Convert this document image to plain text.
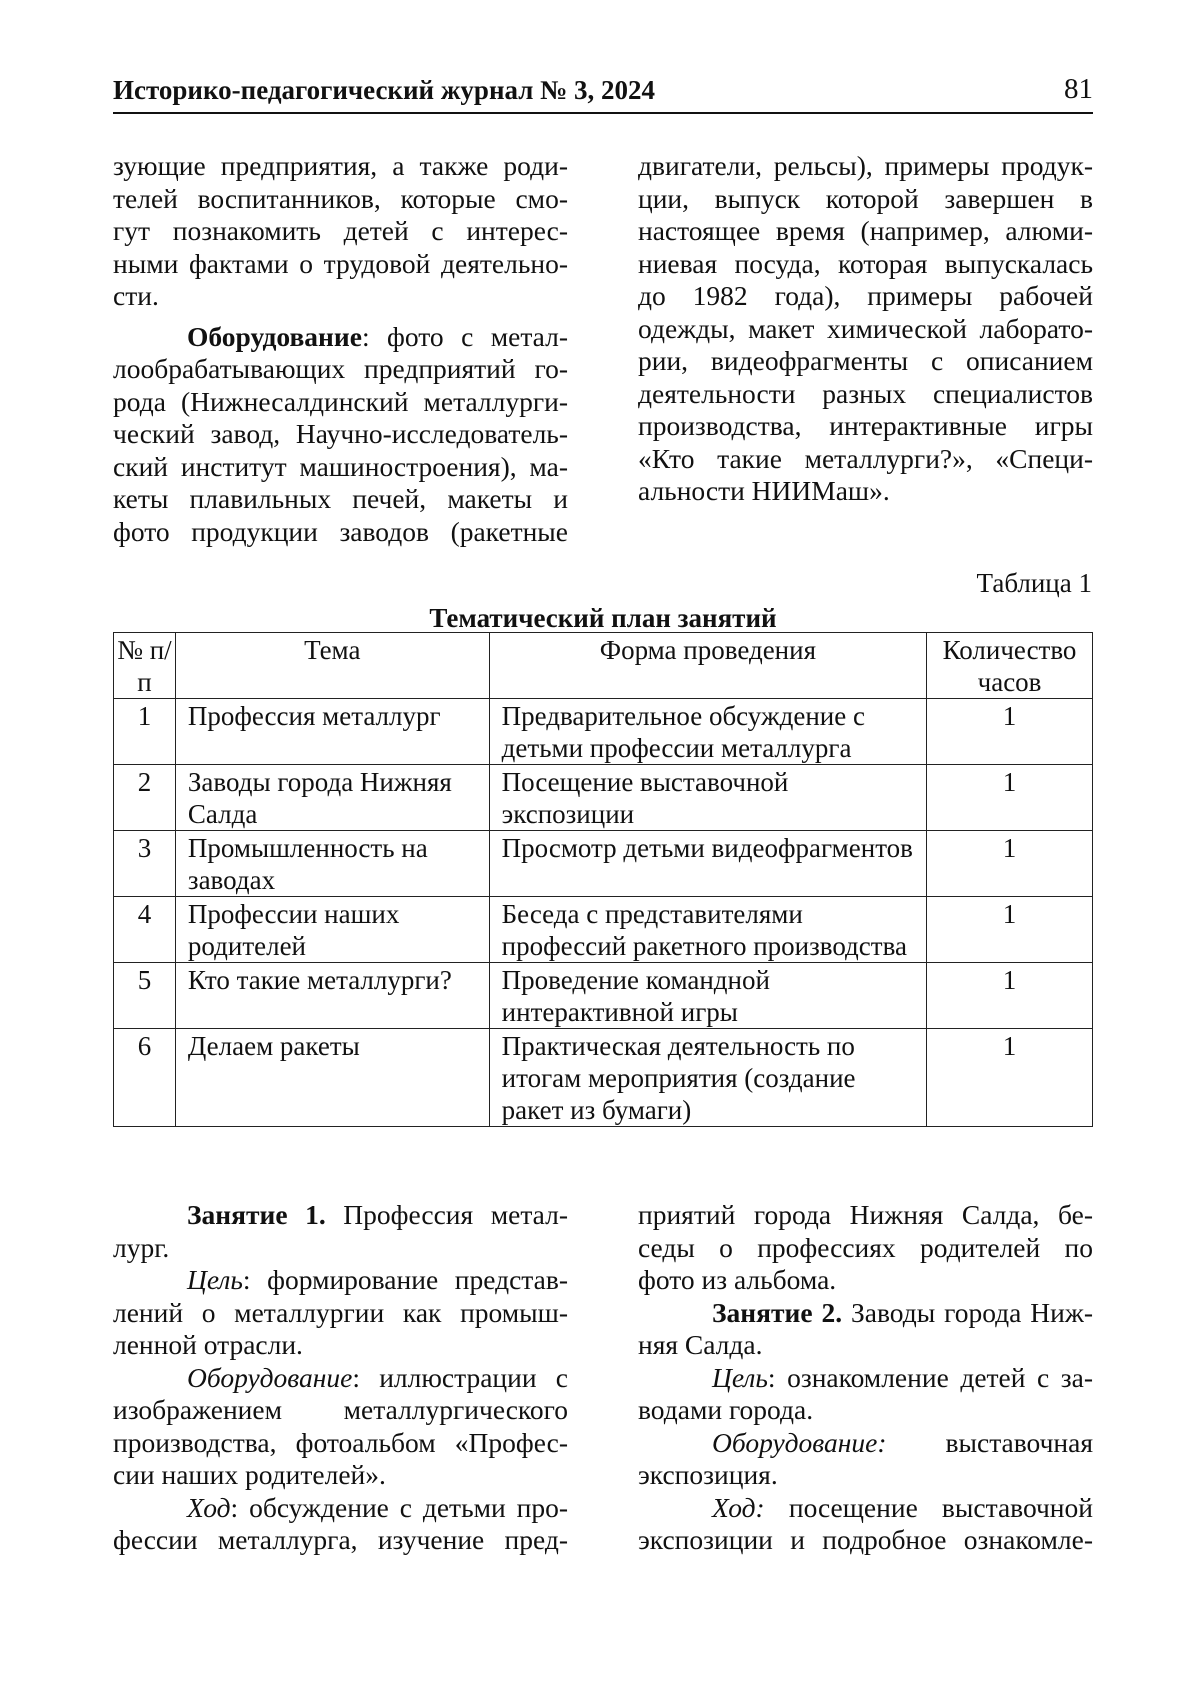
Историко-педагогический журнал № 3, 2024	81

зующие предприятия, а также роди-

телей воспитанников, которые смо-

гут познакомить детей с интерес-

ными фактами о трудовой деятельно-

сти.

Оборудование: фото с метал-

лообрабатывающих предприятий го-

рода (Нижнесалдинский металлурги-

ческий завод, Научно-исследователь-

ский институт машиностроения), ма-

кеты плавильных печей, макеты и

фото продукции заводов (ракетные

двигатели, рельсы), примеры продук-

ции, выпуск которой завершен в

настоящее время (например, алюми-

ниевая посуда, которая выпускалась

до 1982 года), примеры рабочей

одежды, макет химической лаборато-

рии, видеофрагменты с описанием

деятельности разных специалистов

производства, интерактивные игры

«Кто такие металлурги?», «Специ-

альности НИИМаш».

Таблица 1
Тематический план занятий
№ п/п	Тема	Форма проведения	Количество часов
1	Профессия металлург	Предварительное обсуждение с детьми профессии металлурга	1
2	Заводы города Нижняя Салда	Посещение выставочной экспозиции	1
3	Промышленность на заводах	Просмотр детьми видеофрагментов	1
4	Профессии наших родителей	Беседа с представителями профессий ракетного производства	1
5	Кто такие металлурги?	Проведение командной интерактивной игры	1
6	Делаем ракеты	Практическая деятельность по итогам мероприятия (создание ракет из бумаги)	1

Занятие 1. Профессия метал-

лург.

Цель: формирование представ-

лений о металлургии как промыш-

ленной отрасли.

Оборудование: иллюстрации с

изображением металлургического

производства, фотоальбом «Профес-

сии наших родителей».

Ход: обсуждение с детьми про-

фессии металлурга, изучение пред-

приятий города Нижняя Салда, бе-

седы о профессиях родителей по

фото из альбома.

Занятие 2. Заводы города Ниж-

няя Салда.

Цель: ознакомление детей с за-

водами города.

Оборудование: выставочная

экспозиция.

Ход: посещение выставочной

экспозиции и подробное ознакомле-
